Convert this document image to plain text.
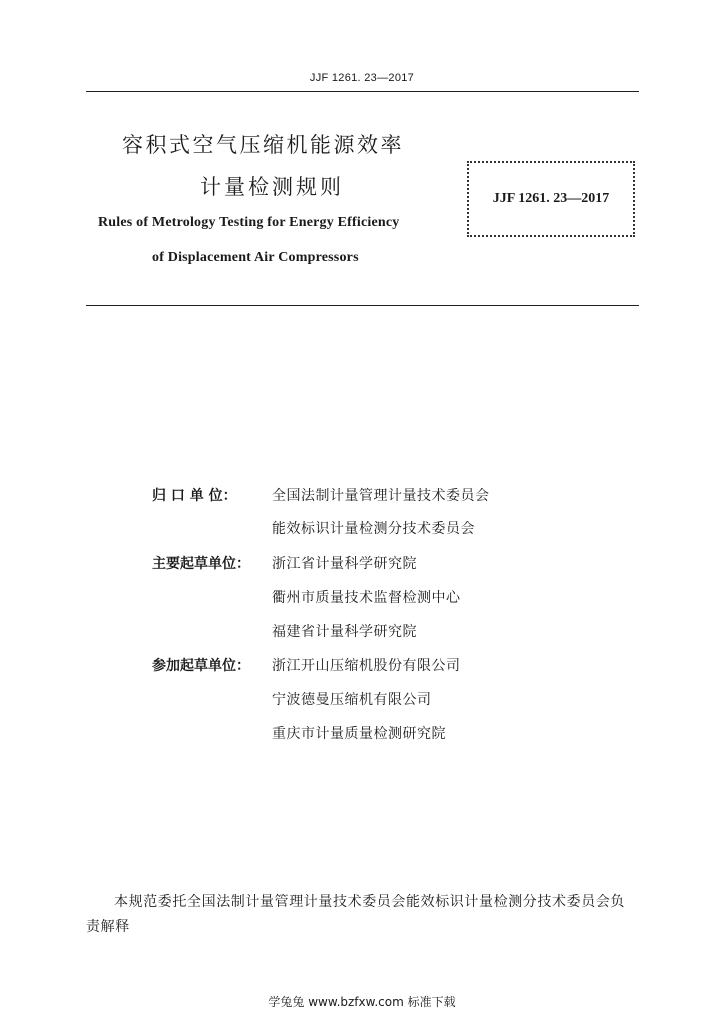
JJF 1261. 23—2017
容积式空气压缩机能源效率
计量检测规则
Rules of Metrology Testing for Energy Efficiency
of Displacement Air Compressors
JJF 1261. 23—2017
归 口 单 位：	全国法制计量管理计量技术委员会
能效标识计量检测分技术委员会
主要起草单位：	浙江省计量科学研究院
衢州市质量技术监督检测中心
福建省计量科学研究院
参加起草单位：	浙江开山压缩机股份有限公司
宁波德曼压缩机有限公司
重庆市计量质量检测研究院
本规范委托全国法制计量管理计量技术委员会能效标识计量检测分技术委员会负责解释
学兔兔 www.bzfxw.com 标准下载
